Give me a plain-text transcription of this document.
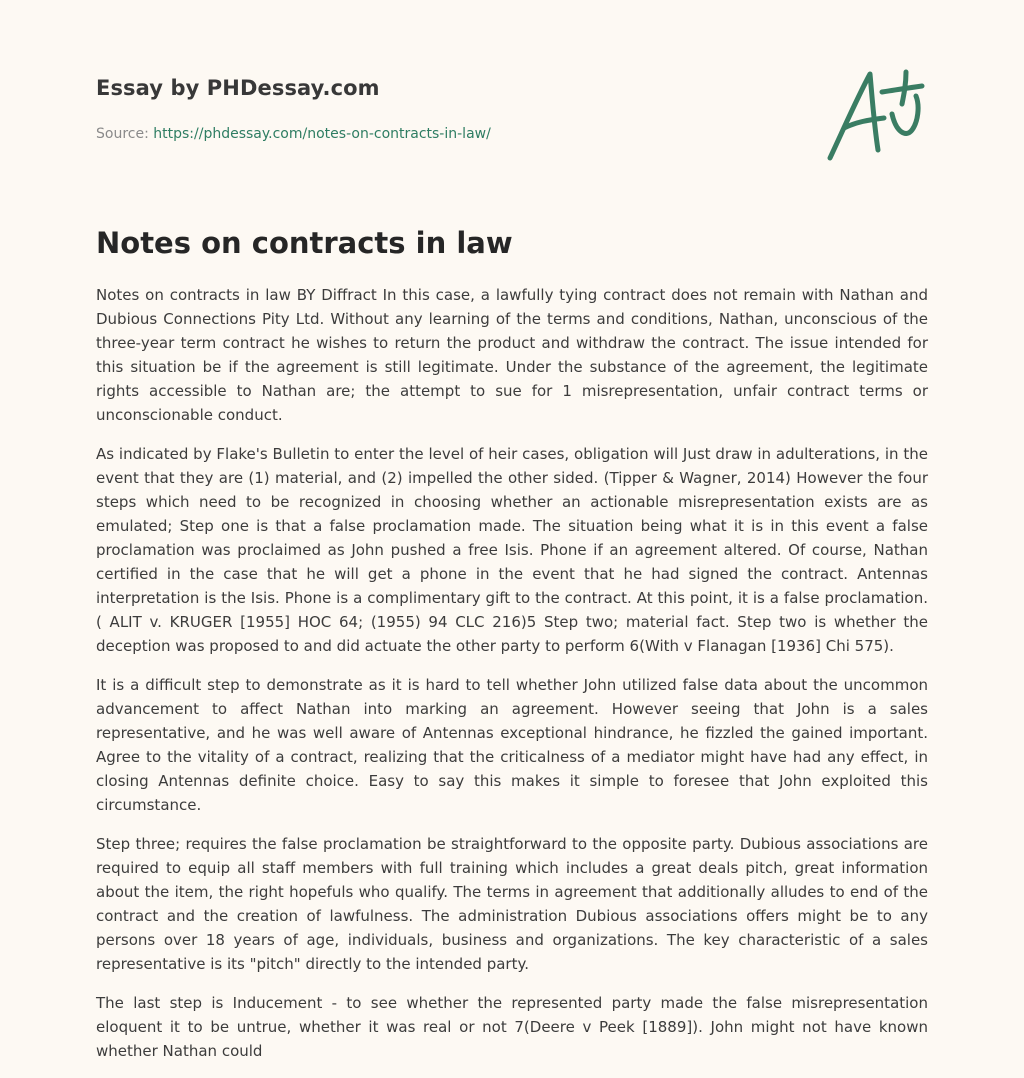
Essay by PHDessay.com
Source: https://phdessay.com/notes-on-contracts-in-law/
Notes on contracts in law

Notes on contracts in law BY Diffract In this case, a lawfully tying contract does not remain with Nathan and Dubious Connections Pity Ltd. Without any learning of the terms and conditions, Nathan, unconscious of the three-year term contract he wishes to return the product and withdraw the contract. The issue intended for this situation be if the agreement is still legitimate. Under the substance of the agreement, the legitimate rights accessible to Nathan are; the attempt to sue for 1 misrepresentation, unfair contract terms or unconscionable conduct.

As indicated by Flake's Bulletin to enter the level of heir cases, obligation will Just draw in adulterations, in the event that they are (1) material, and (2) impelled the other sided. (Tipper & Wagner, 2014) However the four steps which need to be recognized in choosing whether an actionable misrepresentation exists are as emulated; Step one is that a false proclamation made. The situation being what it is in this event a false proclamation was proclaimed as John pushed a free Isis. Phone if an agreement altered. Of course, Nathan certified in the case that he will get a phone in the event that he had signed the contract. Antennas interpretation is the Isis. Phone is a complimentary gift to the contract. At this point, it is a false proclamation. ( ALIT v. KRUGER [1955] HOC 64; (1955) 94 CLC 216)5 Step two; material fact. Step two is whether the deception was proposed to and did actuate the other party to perform 6(With v Flanagan [1936] Chi 575).

It is a difficult step to demonstrate as it is hard to tell whether John utilized false data about the uncommon advancement to affect Nathan into marking an agreement. However seeing that John is a sales representative, and he was well aware of Antennas exceptional hindrance, he fizzled the gained important. Agree to the vitality of a contract, realizing that the criticalness of a mediator might have had any effect, in closing Antennas definite choice. Easy to say this makes it simple to foresee that John exploited this circumstance.

Step three; requires the false proclamation be straightforward to the opposite party. Dubious associations are required to equip all staff members with full training which includes a great deals pitch, great information about the item, the right hopefuls who qualify. The terms in agreement that additionally alludes to end of the contract and the creation of lawfulness. The administration Dubious associations offers might be to any persons over 18 years of age, individuals, business and organizations. The key characteristic of a sales representative is its "pitch" directly to the intended party.

The last step is Inducement - to see whether the represented party made the false misrepresentation eloquent it to be untrue, whether it was real or not 7(Deere v Peek [1889]). John might not have known whether Nathan could
